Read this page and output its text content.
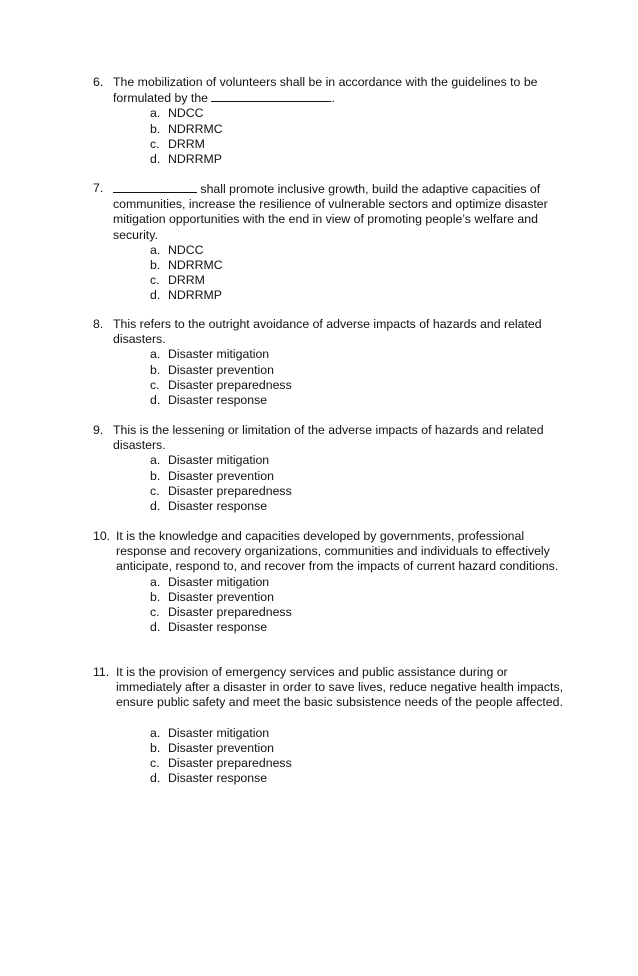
6. The mobilization of volunteers shall be in accordance with the guidelines to be formulated by the	.
a. NDCC
b. NDRRMC
c. DRRM
d. NDRRMP
7.	shall promote inclusive growth, build the adaptive capacities of communities, increase the resilience of vulnerable sectors and optimize disaster mitigation opportunities with the end in view of promoting people’s welfare and security.
a. NDCC
b. NDRRMC
c. DRRM
d. NDRRMP
8. This refers to the outright avoidance of adverse impacts of hazards and related disasters.
a. Disaster mitigation
b. Disaster prevention
c. Disaster preparedness
d. Disaster response
9. This is the lessening or limitation of the adverse impacts of hazards and related disasters.
a. Disaster mitigation
b. Disaster prevention
c. Disaster preparedness
d. Disaster response
10. It is the knowledge and capacities developed by governments, professional response and recovery organizations, communities and individuals to effectively anticipate, respond to, and recover from the impacts of current hazard conditions.
a. Disaster mitigation
b. Disaster prevention
c. Disaster preparedness
d. Disaster response
11. It is the provision of emergency services and public assistance during or immediately after a disaster in order to save lives, reduce negative health impacts, ensure public safety and meet the basic subsistence needs of the people affected.
a. Disaster mitigation
b. Disaster prevention
c. Disaster preparedness
d. Disaster response
